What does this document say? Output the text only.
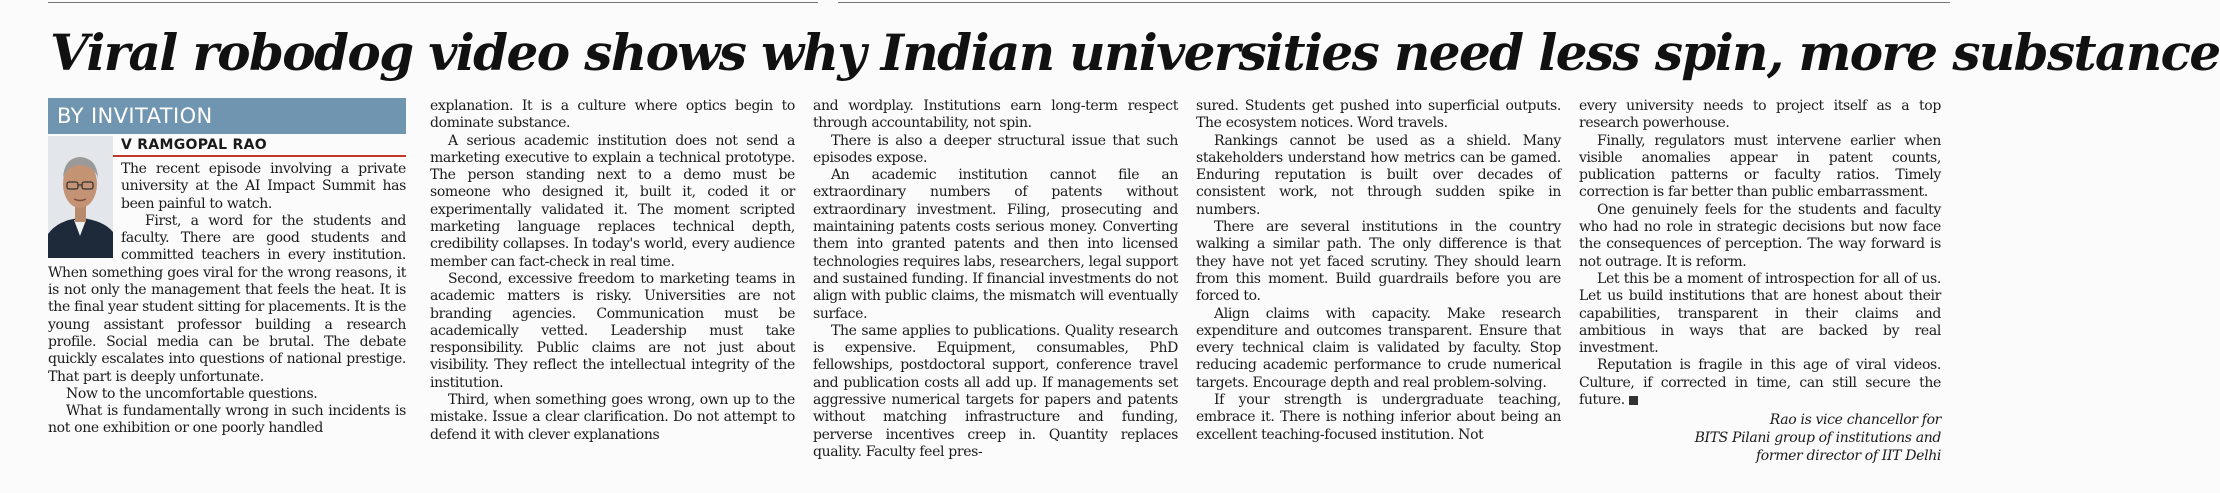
Viral robodog video shows why Indian universities need less spin, more substance
BY INVITATION
V RAMGOPAL RAO

The recent episode involving a private university at the AI Impact Summit has been painful to watch.

First, a word for the students and faculty. There are good students and committed teachers in every institution. When something goes viral for the wrong reasons, it is not only the management that feels the heat. It is the final year student sitting for placements. It is the young assistant professor building a research profile. Social media can be brutal. The debate quickly escalates into questions of national prestige. That part is deeply unfortunate.

Now to the uncomfortable questions.

What is fundamentally wrong in such incidents is not one exhibition or one poorly handled

explanation. It is a culture where optics begin to dominate substance.

A serious academic institution does not send a marketing executive to explain a technical prototype. The person standing next to a demo must be someone who designed it, built it, coded it or experimentally validated it. The moment scripted marketing language replaces technical depth, credibility collapses. In today's world, every audience member can fact-check in real time.

Second, excessive freedom to marketing teams in academic matters is risky. Universities are not branding agencies. Communication must be academically vetted. Leadership must take responsibility. Public claims are not just about visibility. They reflect the intellectual integrity of the institution.

Third, when something goes wrong, own up to the mistake. Issue a clear clarification. Do not attempt to defend it with clever explanations

and wordplay. Institutions earn long-term respect through accountability, not spin.

There is also a deeper structural issue that such episodes expose.

An academic institution cannot file an extraordinary numbers of patents without extraordinary investment. Filing, prosecuting and maintaining patents costs serious money. Converting them into granted patents and then into licensed technologies requires labs, researchers, legal support and sustained funding. If financial investments do not align with public claims, the mismatch will eventually surface.

The same applies to publications. Quality research is expensive. Equipment, consumables, PhD fellowships, postdoctoral support, conference travel and publication costs all add up. If managements set aggressive numerical targets for papers and patents without matching infrastructure and funding, perverse incentives creep in. Quantity replaces quality. Faculty feel pres-

sured. Students get pushed into superficial outputs. The ecosystem notices. Word travels.

Rankings cannot be used as a shield. Many stakeholders understand how metrics can be gamed. Enduring reputation is built over decades of consistent work, not through sudden spike in numbers.

There are several institutions in the country walking a similar path. The only difference is that they have not yet faced scrutiny. They should learn from this moment. Build guardrails before you are forced to.

Align claims with capacity. Make research expenditure and outcomes transparent. Ensure that every technical claim is validated by faculty. Stop reducing academic performance to crude numerical targets. Encourage depth and real problem-solving.

If your strength is undergraduate teaching, embrace it. There is nothing inferior about being an excellent teaching-focused institution. Not

every university needs to project itself as a top research powerhouse.

Finally, regulators must intervene earlier when visible anomalies appear in patent counts, publication patterns or faculty ratios. Timely correction is far better than public embarrassment.

One genuinely feels for the students and faculty who had no role in strategic decisions but now face the consequences of perception. The way forward is not outrage. It is reform.

Let this be a moment of introspection for all of us. Let us build institutions that are honest about their capabilities, transparent in their claims and ambitious in ways that are backed by real investment.

Reputation is fragile in this age of viral videos. Culture, if corrected in time, can still secure the future.

Rao is vice chancellor for
BITS Pilani group of institutions and
former director of IIT Delhi
